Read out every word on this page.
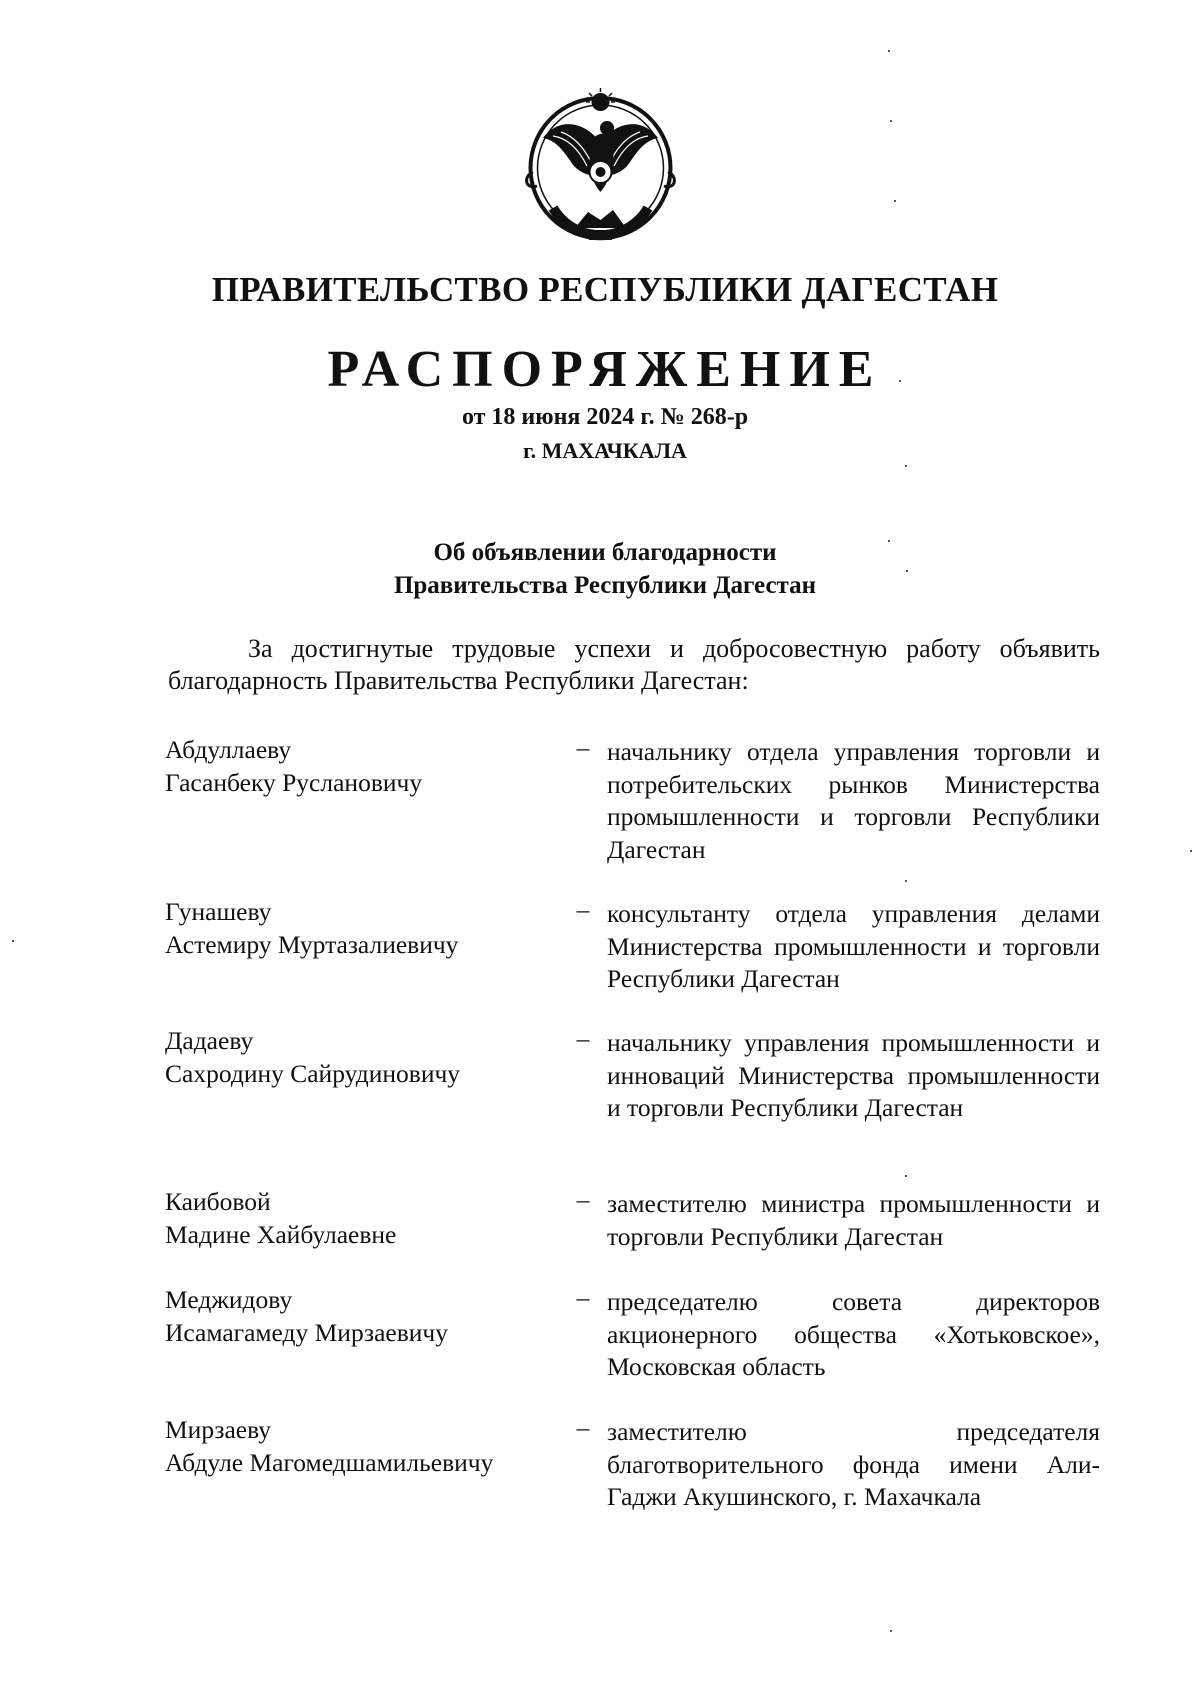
ПРАВИТЕЛЬСТВО РЕСПУБЛИКИ ДАГЕСТАН
РАСПОРЯЖЕНИЕ
от 18 июня 2024 г. № 268-р
г. МАХАЧКАЛА
Об объявлении благодарности
Правительства Республики Дагестан
За достигнутые трудовые успехи и добросовестную работу объявить благодарность Правительства Республики Дагестан:
Абдуллаеву
Гасанбеку Руслановичу
– начальнику отдела управления торговли и потребительских рынков Министерства промышленности и торговли Республики Дагестан
Гунашеву
Астемиру Муртазалиевичу
– консультанту отдела управления делами Министерства промышленности и торговли Республики Дагестан
Дадаеву
Сахродину Сайрудиновичу
– начальнику управления промышленности и инноваций Министерства промышленности и торговли Республики Дагестан
Каибовой
Мадине Хайбулаевне
– заместителю министра промышленности и торговли Республики Дагестан
Меджидову
Исамагамеду Мирзаевичу
– председателю совета директоров акционерного общества «Хотьковское», Московская область
Мирзаеву
Абдуле Магомедшамильевичу
– заместителю председателя благотворительного фонда имени Али-Гаджи Акушинского, г. Махачкала
